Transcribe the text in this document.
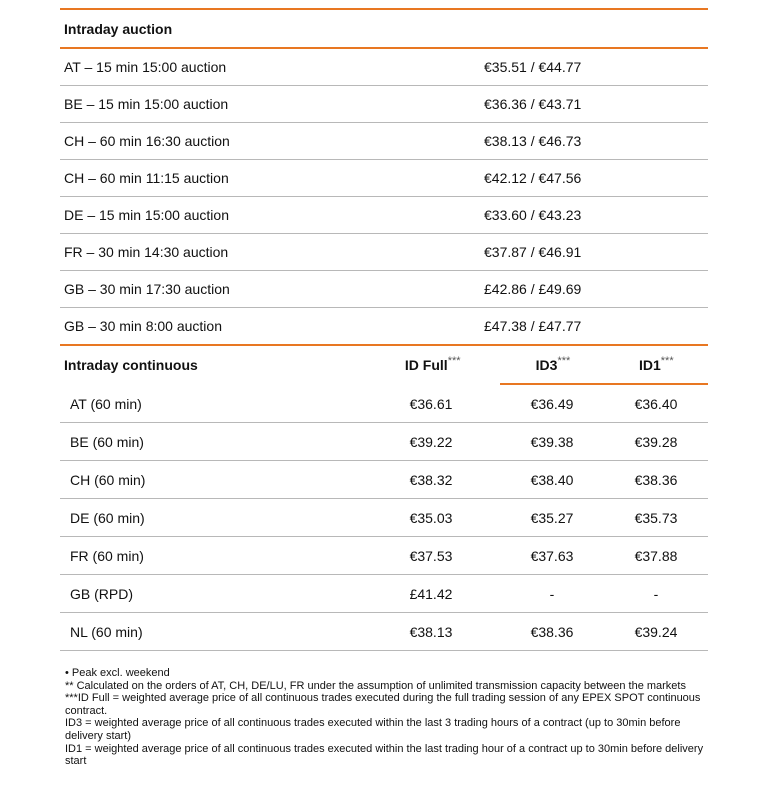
Intraday auction
AT – 15 min 15:00 auction	€35.51 / €44.77
BE – 15 min 15:00 auction	€36.36 / €43.71
CH – 60 min 16:30 auction	€38.13 / €46.73
CH – 60 min 11:15 auction	€42.12 / €47.56
DE – 15 min 15:00 auction	€33.60 / €43.23
FR – 30 min 14:30 auction	€37.87 / €46.91
GB – 30 min 17:30 auction	£42.86 / £49.69
GB – 30 min 8:00 auction	£47.38 / £47.77
Intraday continuous	ID Full***	ID3***	ID1***
AT (60 min)	€36.61	€36.49	€36.40
BE (60 min)	€39.22	€39.38	€39.28
CH (60 min)	€38.32	€38.40	€38.36
DE (60 min)	€35.03	€35.27	€35.73
FR (60 min)	€37.53	€37.63	€37.88
GB (RPD)	£41.42	-	-
NL (60 min)	€38.13	€38.36	€39.24

• Peak excl. weekend

** Calculated on the orders of AT, CH, DE/LU, FR under the assumption of unlimited transmission capacity between the markets

***ID Full = weighted average price of all continuous trades executed during the full trading session of any EPEX SPOT continuous contract.

ID3 = weighted average price of all continuous trades executed within the last 3 trading hours of a contract (up to 30min before delivery start)

ID1 = weighted average price of all continuous trades executed within the last trading hour of a contract up to 30min before delivery start
